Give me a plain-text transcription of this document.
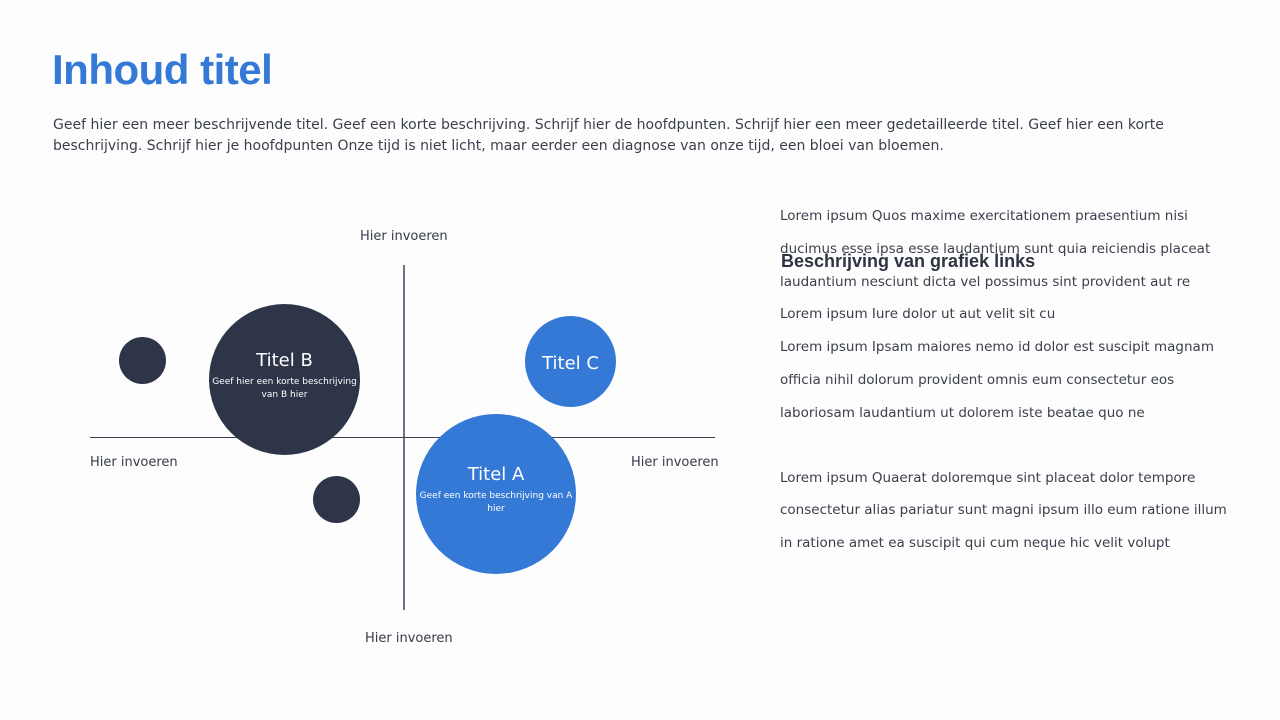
Inhoud titel

Geef hier een meer beschrijvende titel. Geef een korte beschrijving. Schrijf hier de hoofdpunten. Schrijf hier een meer gedetailleerde titel. Geef hier een korte beschrijving. Schrijf hier je hoofdpunten Onze tijd is niet licht, maar eerder een diagnose van onze tijd, een bloei van bloemen.

Hier invoeren
Hier invoeren
Hier invoeren	Hier invoeren
Titel B
Geef hier een korte beschrijving van B hier
Titel C
Titel A
Geef een korte beschrijving van A hier

Lorem ipsum Quos maxime exercitationem praesentium nisi
ducimus esse ipsa esse laudantium sunt quia reiciendis placeat
laudantium nesciunt dicta vel possimus sint provident aut re
Lorem ipsum Iure dolor ut aut velit sit cu
Lorem ipsum Ipsam maiores nemo id dolor est suscipit magnam
officia nihil dolorum provident omnis eum consectetur eos
laboriosam laudantium ut dolorem iste beatae quo ne

Lorem ipsum Quaerat doloremque sint placeat dolor tempore
consectetur alias pariatur sunt magni ipsum illo eum ratione illum
in ratione amet ea suscipit qui cum neque hic velit volupt

Beschrijving van grafiek links
